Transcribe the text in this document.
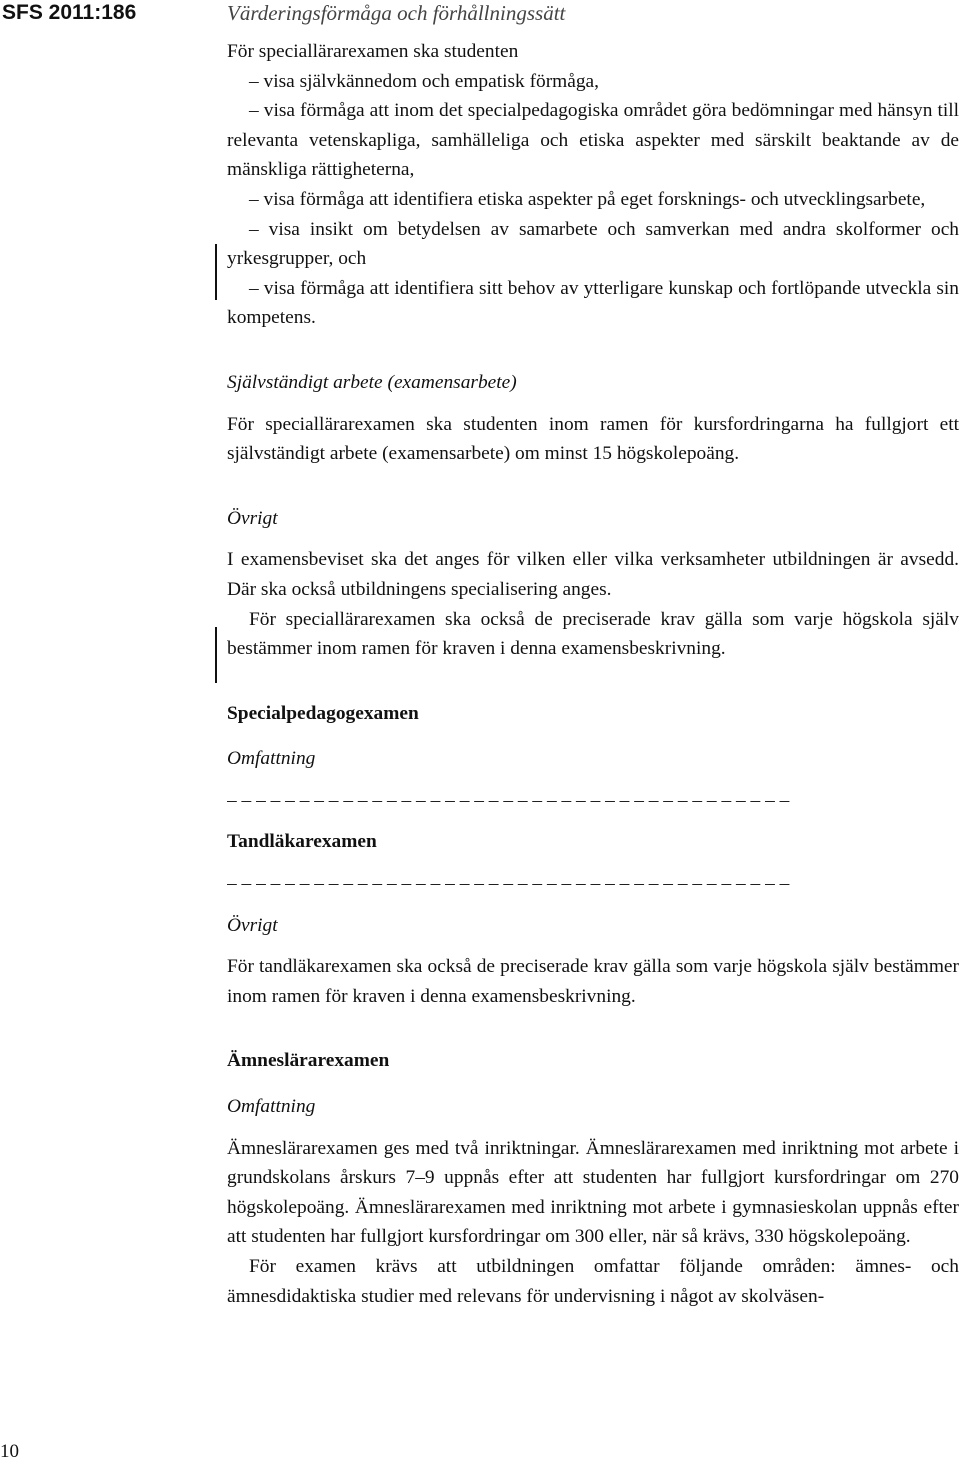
SFS 2011:186	Värderingsförmåga och förhållningssätt

För speciallärarexamen ska studenten

– visa självkännedom och empatisk förmåga,

– visa förmåga att inom det specialpedagogiska området göra bedömningar med hänsyn till relevanta vetenskapliga, samhälleliga och etiska aspekter med särskilt beaktande av de mänskliga rättigheterna,

– visa förmåga att identifiera etiska aspekter på eget forsknings- och utvecklingsarbete,

– visa insikt om betydelsen av samarbete och samverkan med andra skolformer och yrkesgrupper, och

– visa förmåga att identifiera sitt behov av ytterligare kunskap och fortlöpande utveckla sin kompetens.

Självständigt arbete (examensarbete)

För speciallärarexamen ska studenten inom ramen för kursfordringarna ha fullgjort ett självständigt arbete (examensarbete) om minst 15 högskolepoäng.

Övrigt

I examensbeviset ska det anges för vilken eller vilka verksamheter utbildningen är avsedd. Där ska också utbildningens specialisering anges.

För speciallärarexamen ska också de preciserade krav gälla som varje högskola själv bestämmer inom ramen för kraven i denna examensbeskrivning.

Specialpedagogexamen

Omfattning

– – – – – – – – – – – – – – – – – – – – – – – – – – – – – – – – – – – – – – –

Tandläkarexamen

– – – – – – – – – – – – – – – – – – – – – – – – – – – – – – – – – – – – – – –

Övrigt

För tandläkarexamen ska också de preciserade krav gälla som varje högskola själv bestämmer inom ramen för kraven i denna examensbeskrivning.

Ämneslärarexamen

Omfattning

Ämneslärarexamen ges med två inriktningar. Ämneslärarexamen med inriktning mot arbete i grundskolans årskurs 7–9 uppnås efter att studenten har fullgjort kursfordringar om 270 högskolepoäng. Ämneslärarexamen med inriktning mot arbete i gymnasieskolan uppnås efter att studenten har fullgjort kursfordringar om 300 eller, när så krävs, 330 högskolepoäng.

För examen krävs att utbildningen omfattar följande områden: ämnes- och ämnesdidaktiska studier med relevans för undervisning i något av skolväsen-

10
